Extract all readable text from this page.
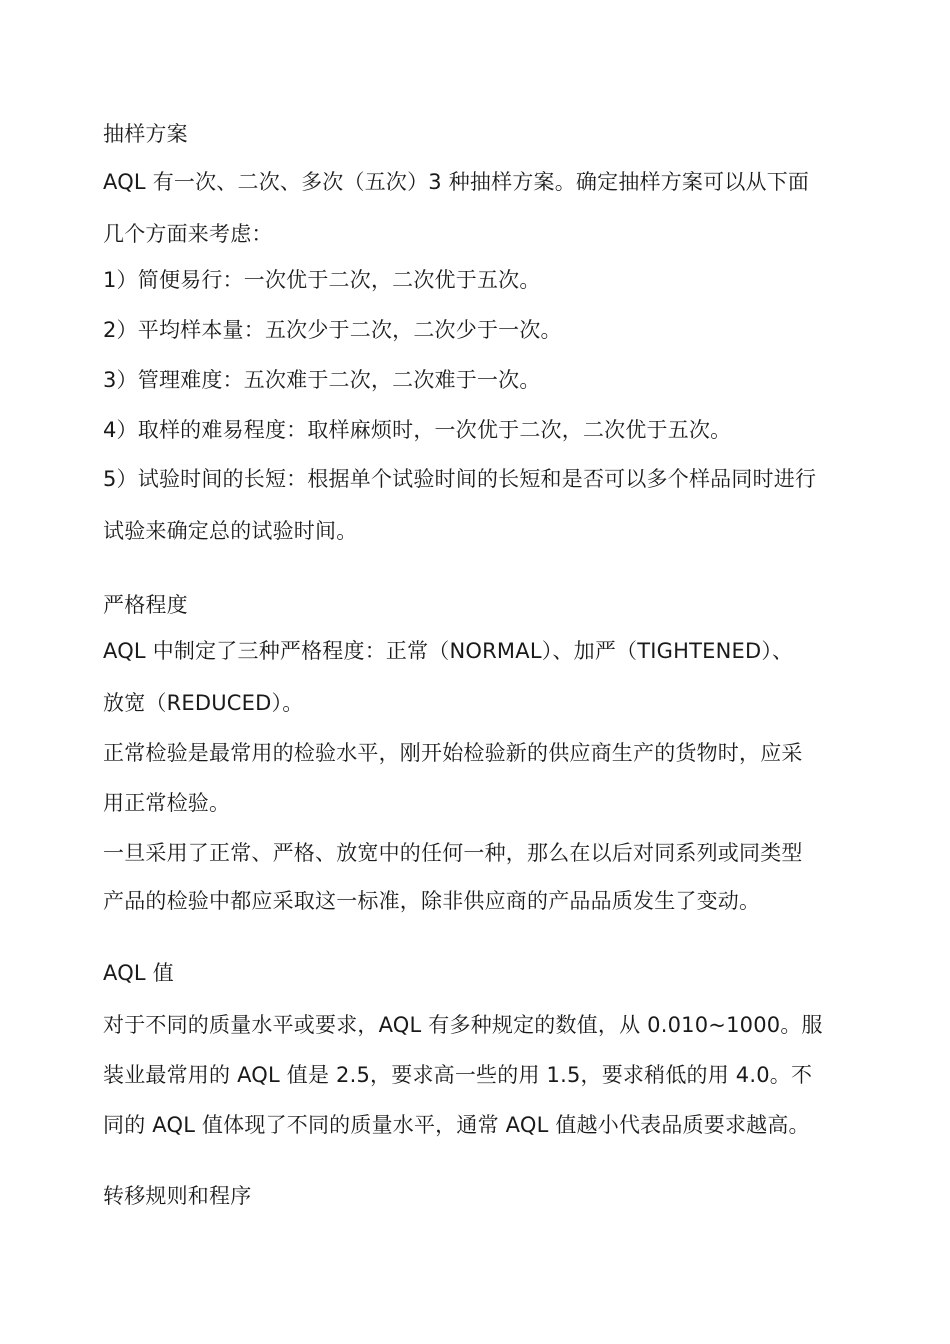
抽样方案
AQL 有一次、二次、多次（五次）3 种抽样方案。确定抽样方案可以从下面
几个方面来考虑：
1）简便易行：一次优于二次，二次优于五次。
2）平均样本量：五次少于二次，二次少于一次。
3）管理难度：五次难于二次，二次难于一次。
4）取样的难易程度：取样麻烦时，一次优于二次，二次优于五次。
5）试验时间的长短：根据单个试验时间的长短和是否可以多个样品同时进行
试验来确定总的试验时间。
严格程度
AQL 中制定了三种严格程度：正常（NORMAL）、加严（TIGHTENED）、
放宽（REDUCED）。
正常检验是最常用的检验水平，刚开始检验新的供应商生产的货物时，应采
用正常检验。
一旦采用了正常、严格、放宽中的任何一种，那么在以后对同系列或同类型
产品的检验中都应采取这一标准，除非供应商的产品品质发生了变动。
AQL 值
对于不同的质量水平或要求，AQL 有多种规定的数值，从 0.010~1000。服
装业最常用的 AQL 值是 2.5，要求高一些的用 1.5，要求稍低的用 4.0。不
同的 AQL 值体现了不同的质量水平，通常 AQL 值越小代表品质要求越高。
转移规则和程序
